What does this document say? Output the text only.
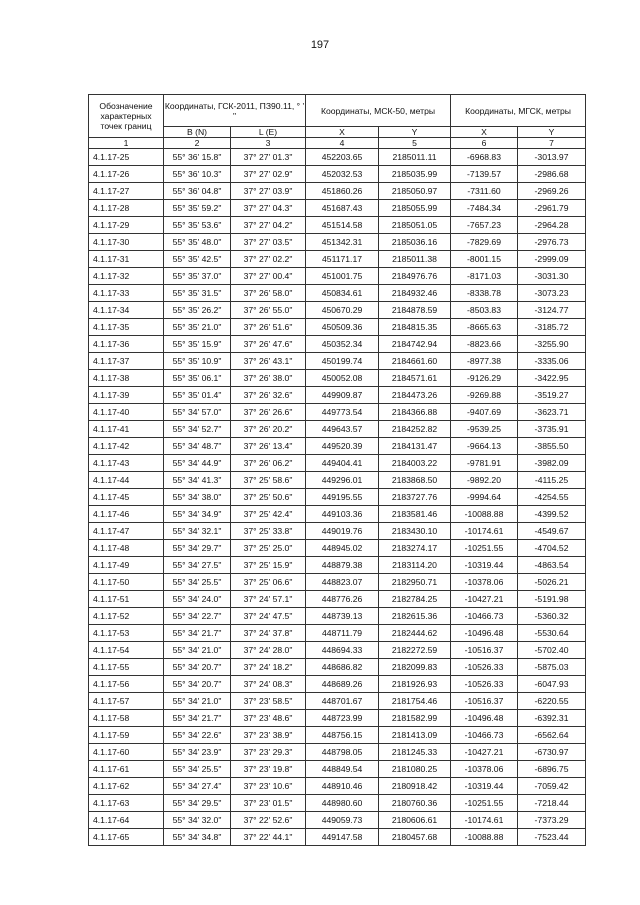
197
Обозначение характерных точек границ	Координаты, ГСК-2011, ПЗ90.11, ° ' "		Координаты, МСК-50, метры		Координаты, МГСК, метры	
	B (N)	L (E)	X	Y	X	Y
1	2	3	4	5	6	7
4.1.17-25	55° 36' 15.8"	37° 27' 01.3"	452203.65	2185011.11	-6968.83	-3013.97
4.1.17-26	55° 36' 10.3"	37° 27' 02.9"	452032.53	2185035.99	-7139.57	-2986.68
4.1.17-27	55° 36' 04.8"	37° 27' 03.9"	451860.26	2185050.97	-7311.60	-2969.26
4.1.17-28	55° 35' 59.2"	37° 27' 04.3"	451687.43	2185055.99	-7484.34	-2961.79
4.1.17-29	55° 35' 53.6"	37° 27' 04.2"	451514.58	2185051.05	-7657.23	-2964.28
4.1.17-30	55° 35' 48.0"	37° 27' 03.5"	451342.31	2185036.16	-7829.69	-2976.73
4.1.17-31	55° 35' 42.5"	37° 27' 02.2"	451171.17	2185011.38	-8001.15	-2999.09
4.1.17-32	55° 35' 37.0"	37° 27' 00.4"	451001.75	2184976.76	-8171.03	-3031.30
4.1.17-33	55° 35' 31.5"	37° 26' 58.0"	450834.61	2184932.46	-8338.78	-3073.23
4.1.17-34	55° 35' 26.2"	37° 26' 55.0"	450670.29	2184878.59	-8503.83	-3124.77
4.1.17-35	55° 35' 21.0"	37° 26' 51.6"	450509.36	2184815.35	-8665.63	-3185.72
4.1.17-36	55° 35' 15.9"	37° 26' 47.6"	450352.34	2184742.94	-8823.66	-3255.90
4.1.17-37	55° 35' 10.9"	37° 26' 43.1"	450199.74	2184661.60	-8977.38	-3335.06
4.1.17-38	55° 35' 06.1"	37° 26' 38.0"	450052.08	2184571.61	-9126.29	-3422.95
4.1.17-39	55° 35' 01.4"	37° 26' 32.6"	449909.87	2184473.26	-9269.88	-3519.27
4.1.17-40	55° 34' 57.0"	37° 26' 26.6"	449773.54	2184366.88	-9407.69	-3623.71
4.1.17-41	55° 34' 52.7"	37° 26' 20.2"	449643.57	2184252.82	-9539.25	-3735.91
4.1.17-42	55° 34' 48.7"	37° 26' 13.4"	449520.39	2184131.47	-9664.13	-3855.50
4.1.17-43	55° 34' 44.9"	37° 26' 06.2"	449404.41	2184003.22	-9781.91	-3982.09
4.1.17-44	55° 34' 41.3"	37° 25' 58.6"	449296.01	2183868.50	-9892.20	-4115.25
4.1.17-45	55° 34' 38.0"	37° 25' 50.6"	449195.55	2183727.76	-9994.64	-4254.55
4.1.17-46	55° 34' 34.9"	37° 25' 42.4"	449103.36	2183581.46	-10088.88	-4399.52
4.1.17-47	55° 34' 32.1"	37° 25' 33.8"	449019.76	2183430.10	-10174.61	-4549.67
4.1.17-48	55° 34' 29.7"	37° 25' 25.0"	448945.02	2183274.17	-10251.55	-4704.52
4.1.17-49	55° 34' 27.5"	37° 25' 15.9"	448879.38	2183114.20	-10319.44	-4863.54
4.1.17-50	55° 34' 25.5"	37° 25' 06.6"	448823.07	2182950.71	-10378.06	-5026.21
4.1.17-51	55° 34' 24.0"	37° 24' 57.1"	448776.26	2182784.25	-10427.21	-5191.98
4.1.17-52	55° 34' 22.7"	37° 24' 47.5"	448739.13	2182615.36	-10466.73	-5360.32
4.1.17-53	55° 34' 21.7"	37° 24' 37.8"	448711.79	2182444.62	-10496.48	-5530.64
4.1.17-54	55° 34' 21.0"	37° 24' 28.0"	448694.33	2182272.59	-10516.37	-5702.40
4.1.17-55	55° 34' 20.7"	37° 24' 18.2"	448686.82	2182099.83	-10526.33	-5875.03
4.1.17-56	55° 34' 20.7"	37° 24' 08.3"	448689.26	2181926.93	-10526.33	-6047.93
4.1.17-57	55° 34' 21.0"	37° 23' 58.5"	448701.67	2181754.46	-10516.37	-6220.55
4.1.17-58	55° 34' 21.7"	37° 23' 48.6"	448723.99	2181582.99	-10496.48	-6392.31
4.1.17-59	55° 34' 22.6"	37° 23' 38.9"	448756.15	2181413.09	-10466.73	-6562.64
4.1.17-60	55° 34' 23.9"	37° 23' 29.3"	448798.05	2181245.33	-10427.21	-6730.97
4.1.17-61	55° 34' 25.5"	37° 23' 19.8"	448849.54	2181080.25	-10378.06	-6896.75
4.1.17-62	55° 34' 27.4"	37° 23' 10.6"	448910.46	2180918.42	-10319.44	-7059.42
4.1.17-63	55° 34' 29.5"	37° 23' 01.5"	448980.60	2180760.36	-10251.55	-7218.44
4.1.17-64	55° 34' 32.0"	37° 22' 52.6"	449059.73	2180606.61	-10174.61	-7373.29
4.1.17-65	55° 34' 34.8"	37° 22' 44.1"	449147.58	2180457.68	-10088.88	-7523.44
